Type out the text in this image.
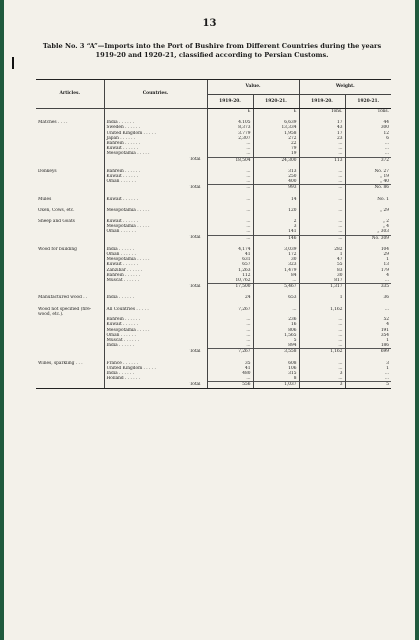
13
Table No. 3 “A”—Imports into the Port of Bushire from Different Countries during the years
1919-20 and 1920-21, classified according to Persian Customs.
Articles.	Countries.	Value.		Weight.	
		1919-20.	1920-21.	1919-20.	1920-21.
		£	£	Tons.	Tons.

Matches . . . .	India . . . . . .	4.105	6,639	17	44
	Sweden . . . . . .	8,373	13,334	43	300
	United Kingdom . . . . .	3.779	1,958	17	12
	Japan . . . . . .	2,307	272	23	6
	Bahrein . . . . . .	...	22	...	...
	Kuwait . . . . . .	...	79	...	...
	Mesopotamia . . . . .	...	19	...	...
	Total	18,504	24,300	113	372

Donkeys	Bahrein . . . . . .	...	313	...	No. 27
	Kuwait . . . . . .	...	250	...	„ 19
	Oman . . . . . .	...	400	...	„ 40
	Total	...	993	...	No. 86

Mules	Kuwait . . . . . .	...	14	...	No. 1

Oxen, Cows, etc.	Mesopotamia . . . . .	...	120	...	„ 29

Sheep and Goats	Kuwait . . . . . .	...	2	...	„ 2
	Mesopotamia . . . . .	...	3	...	„ 4
	Oman . . . . . .	...	141	...	„ 303
	Total	...	146	...	No. 309

Wood for building	India . . . . . .	4,174	3,039	282	104
	Oman . . . . . .	41	172	1	29
	Mesopotamia . . . . .	631	30	47	1
	Kuwait . . . . . .	657	323	55	13
	Zanzibar . . . . . .	1,263	1,479	83	179
	Bahrein . . . . . .	112	84	30	4
	Muscat . . . . . .	10,762	...	817	...
	Total	17,500	5,467	1,317	335

Manufactured wood . .	India . . . . . .	24	653	1	36

Wood not specified (fire-wood, etc.).	All Countries . . . . .	7,267	...	1,162	...
	Bahrein . . . . . .	...	236	...	52
	Kuwait . . . . . .	...	16	...	4
	Mesopotamia . . . . .	...	806	...	191
	Oman . . . . . .	...	1,565	...	354
	Muscat . . . . . .	...	5	...	1
	India . . . . . .	...	894	...	186
	Total	7,267	3,558	1,162	699

Wines, sparkling . . .	France . . . . . .	35	608	...	3
	United Kingdom . . . . .	41	106	...	1
	India . . . . . .	480	315	3	...
	Holland . . . . . .	...	8	...	...
	Total	556	1,037	3	5
